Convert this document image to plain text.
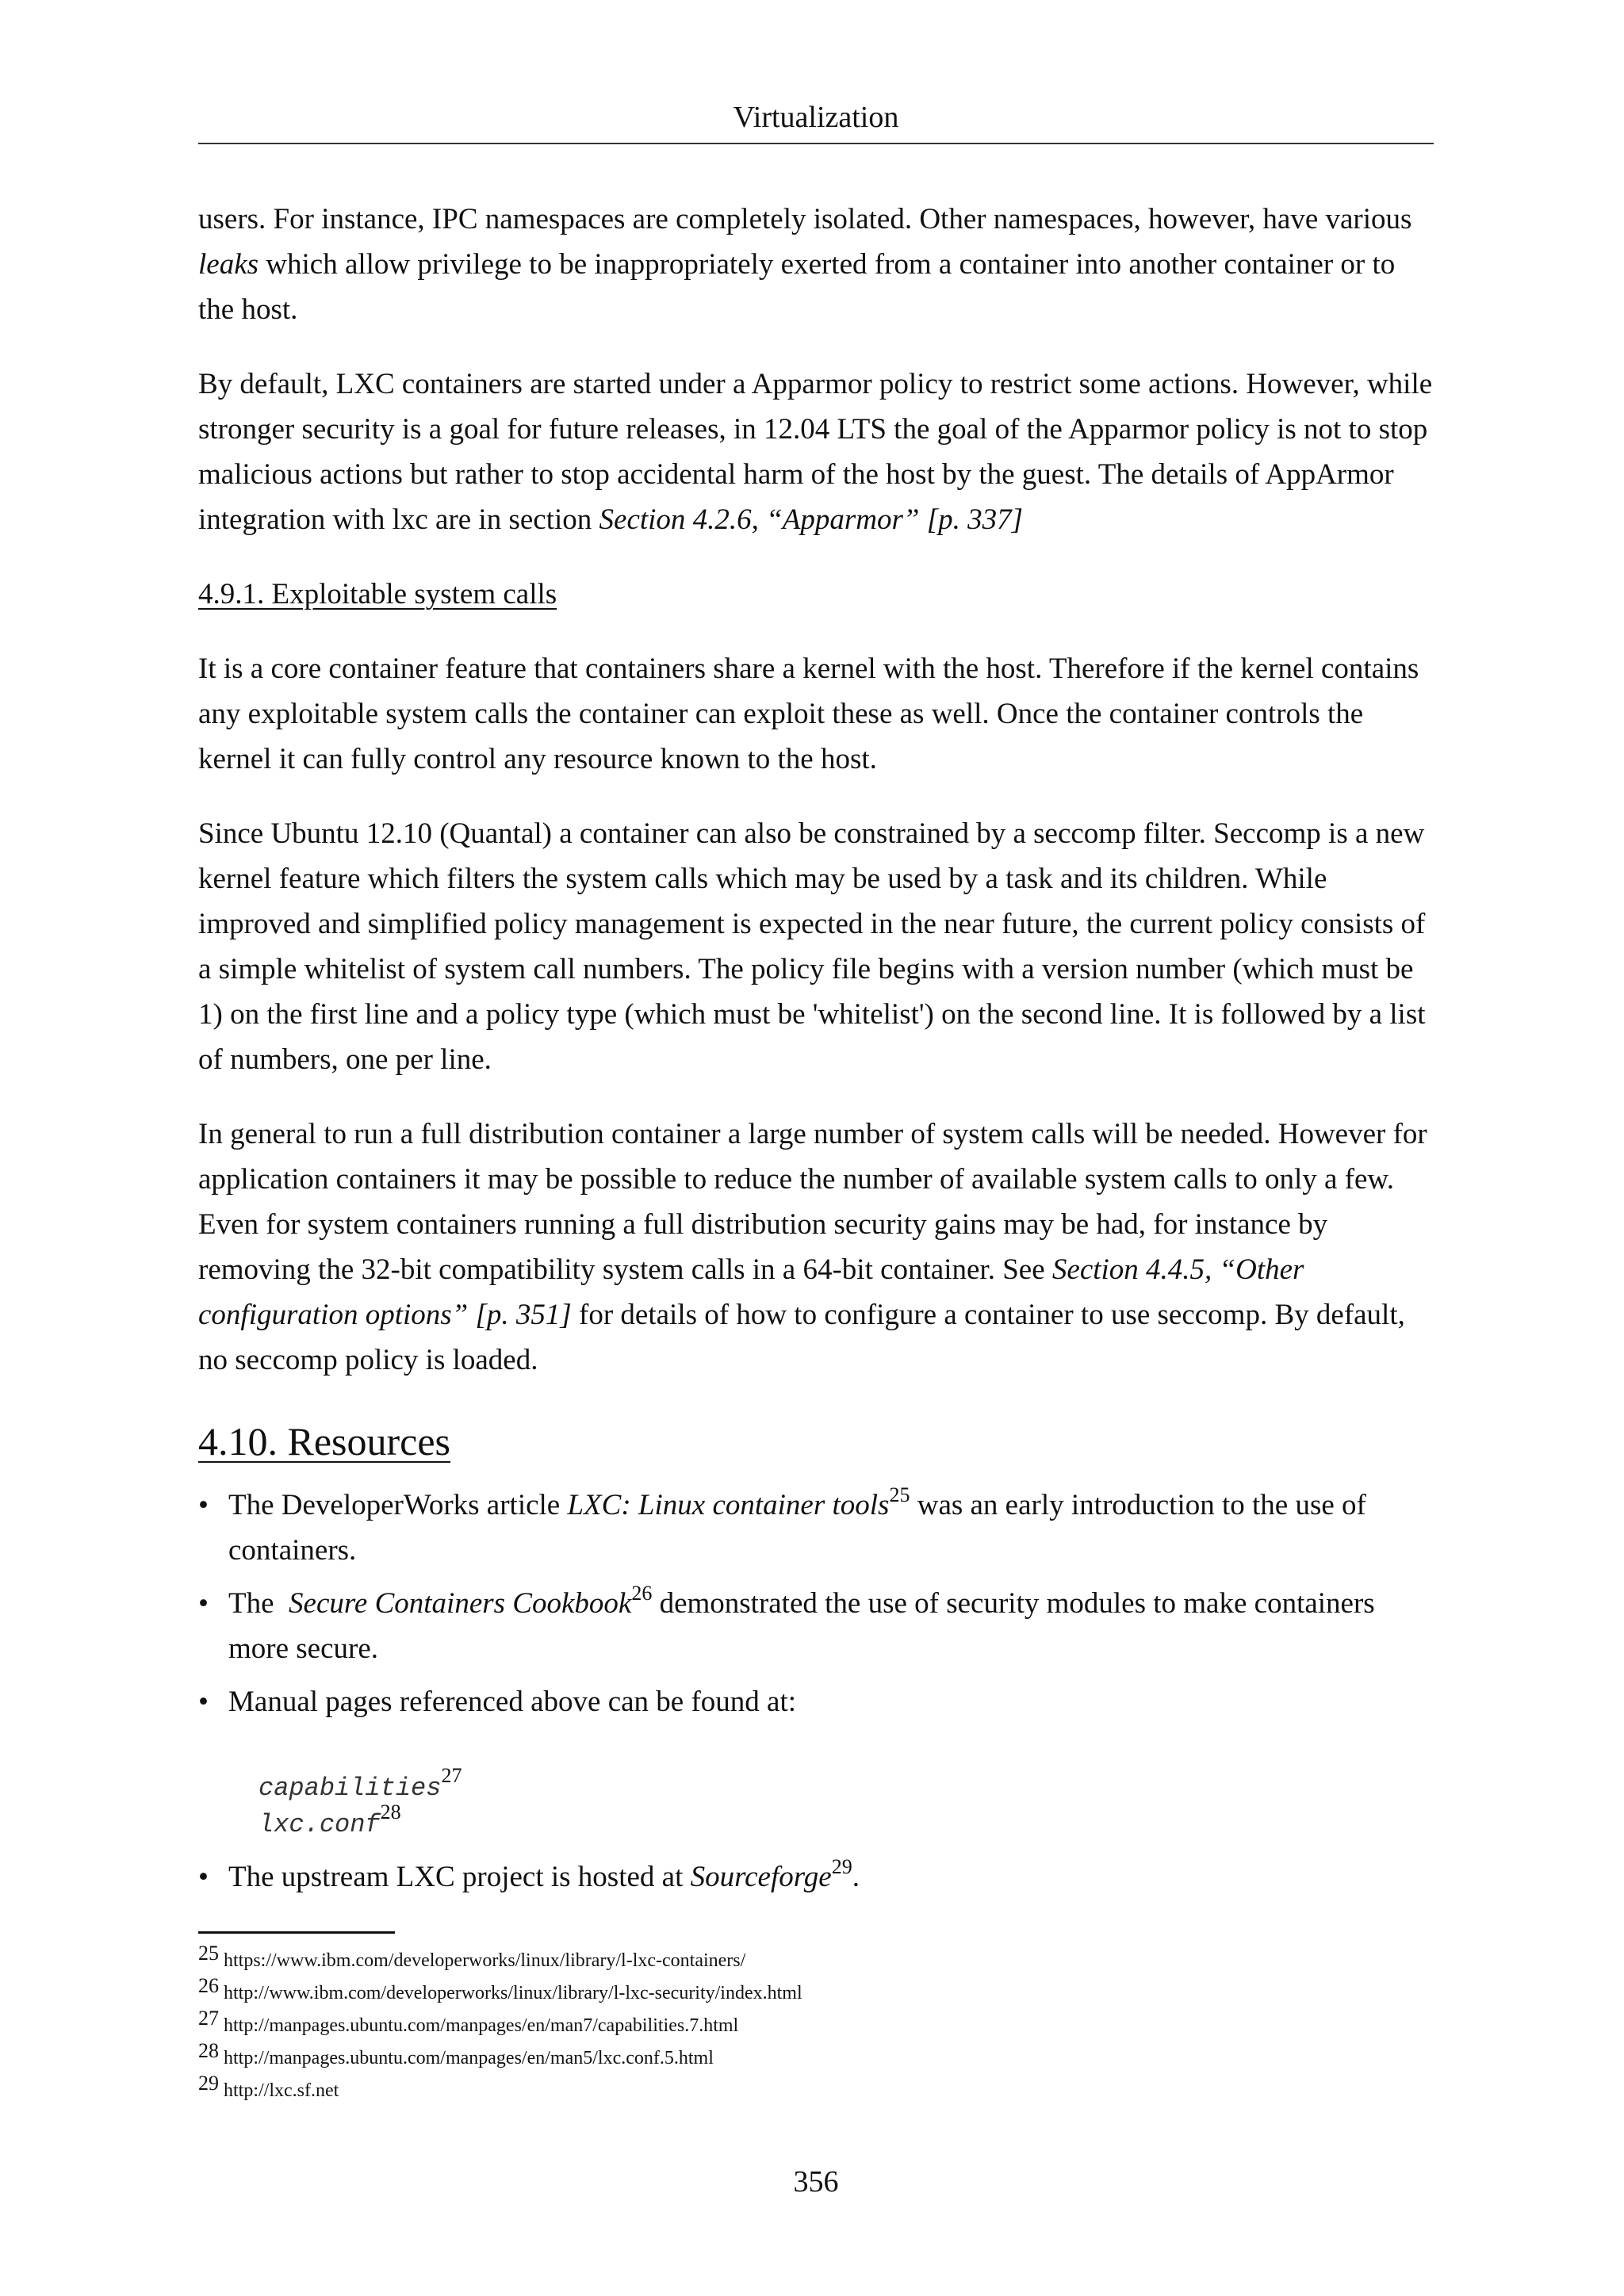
Virtualization

users. For instance, IPC namespaces are completely isolated. Other namespaces, however, have various leaks which allow privilege to be inappropriately exerted from a container into another container or to the host.

By default, LXC containers are started under a Apparmor policy to restrict some actions. However, while stronger security is a goal for future releases, in 12.04 LTS the goal of the Apparmor policy is not to stop malicious actions but rather to stop accidental harm of the host by the guest. The details of AppArmor integration with lxc are in section Section 4.2.6, “Apparmor” [p. 337]

4.9.1. Exploitable system calls

It is a core container feature that containers share a kernel with the host. Therefore if the kernel contains any exploitable system calls the container can exploit these as well. Once the container controls the kernel it can fully control any resource known to the host.

Since Ubuntu 12.10 (Quantal) a container can also be constrained by a seccomp filter. Seccomp is a new kernel feature which filters the system calls which may be used by a task and its children. While improved and simplified policy management is expected in the near future, the current policy consists of a simple whitelist of system call numbers. The policy file begins with a version number (which must be 1) on the first line and a policy type (which must be 'whitelist') on the second line. It is followed by a list of numbers, one per line.

In general to run a full distribution container a large number of system calls will be needed. However for application containers it may be possible to reduce the number of available system calls to only a few. Even for system containers running a full distribution security gains may be had, for instance by removing the 32-bit compatibility system calls in a 64-bit container. See Section 4.4.5, “Other configuration options” [p. 351] for details of how to configure a container to use seccomp. By default, no seccomp policy is loaded.

4.10. Resources
• The DeveloperWorks article LXC: Linux container tools$^{25}$ was an early introduction to the use of containers.
• The  Secure Containers Cookbook$^{26}$ demonstrated the use of security modules to make containers more secure.
• Manual pages referenced above can be found at:
capabilities$^{27}$
lxc.conf$^{28}$
• The upstream LXC project is hosted at Sourceforge$^{29}$.
25 https://www.ibm.com/developerworks/linux/library/l-lxc-containers/
26 http://www.ibm.com/developerworks/linux/library/l-lxc-security/index.html
27 http://manpages.ubuntu.com/manpages/en/man7/capabilities.7.html
28 http://manpages.ubuntu.com/manpages/en/man5/lxc.conf.5.html
29 http://lxc.sf.net
356
